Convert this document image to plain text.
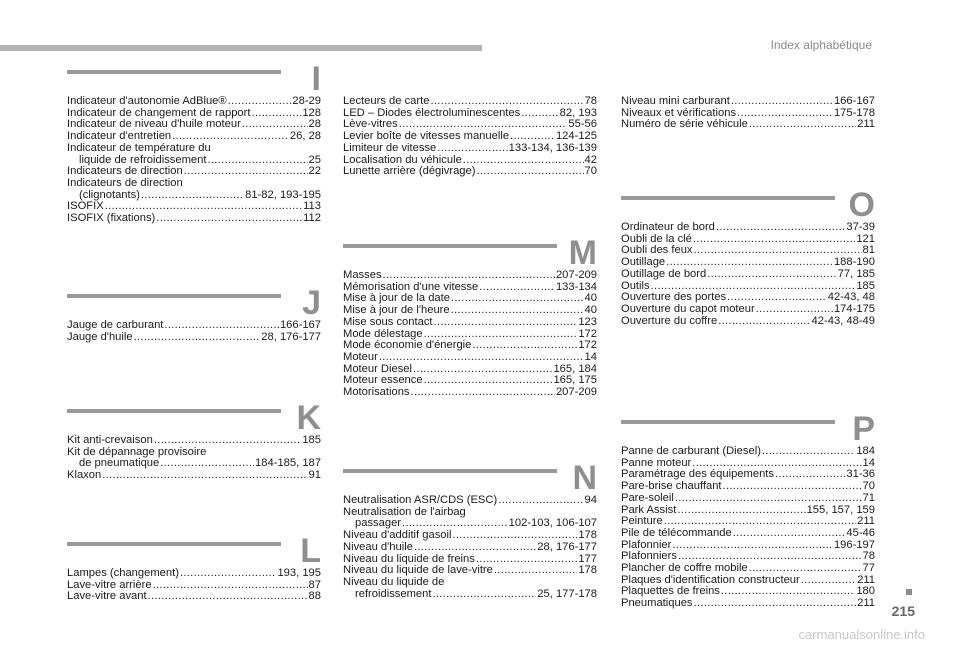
Index alphabétique
I
Indicateur d'autonomie AdBlue® .....	28-29
Indicateur de changement de rapport .....	128
Indicateur de niveau d'huile moteur .....	28
Indicateur d'entretien .....	26, 28
Indicateur de température du
liquide de refroidissement .....	25
Indicateurs de direction .....	22
Indicateurs de direction
(clignotants) .....	81-82, 193-195
ISOFIX .....	113
ISOFIX (fixations) .....	112
J
Jauge de carburant .....	166-167
Jauge d'huile .....	28, 176-177
K
Kit anti-crevaison .....	185
Kit de dépannage provisoire
de pneumatique .....	184-185, 187
Klaxon .....	91
L
Lampes (changement) .....	193, 195
Lave-vitre arrière .....	87
Lave-vitre avant .....	88
Lecteurs de carte .....	78
LED – Diodes électroluminescentes .....	82, 193
Lève-vitres .....	55-56
Levier boîte de vitesses manuelle .....	124-125
Limiteur de vitesse .....	133-134, 136-139
Localisation du véhicule .....	42
Lunette arrière (dégivrage) .....	70
M
Masses .....	207-209
Mémorisation d'une vitesse .....	133-134
Mise à jour de la date .....	40
Mise à jour de l'heure .....	40
Mise sous contact .....	123
Mode délestage .....	172
Mode économie d'énergie .....	172
Moteur .....	14
Moteur Diesel .....	165, 184
Moteur essence .....	165, 175
Motorisations .....	207-209
N
Neutralisation ASR/CDS (ESC) .....	94
Neutralisation de l'airbag
passager .....	102-103, 106-107
Niveau d'additif gasoil .....	178
Niveau d'huile .....	28, 176-177
Niveau du liquide de freins .....	177
Niveau du liquide de lave-vitre .....	178
Niveau du liquide de
refroidissement .....	25, 177-178
Niveau mini carburant .....	166-167
Niveaux et vérifications .....	175-178
Numéro de série véhicule .....	211
O
Ordinateur de bord .....	37-39
Oubli de la clé .....	121
Oubli des feux .....	81
Outillage .....	188-190
Outillage de bord .....	77, 185
Outils .....	185
Ouverture des portes .....	42-43, 48
Ouverture du capot moteur .....	174-175
Ouverture du coffre .....	42-43, 48-49
P
Panne de carburant (Diesel) .....	184
Panne moteur .....	14
Paramétrage des équipements .....	31-36
Pare-brise chauffant .....	70
Pare-soleil .....	71
Park Assist .....	155, 157, 159
Peinture .....	211
Pile de télécommande .....	45-46
Plafonnier .....	196-197
Plafonniers .....	78
Plancher de coffre mobile .....	77
Plaques d'identification constructeur .....	211
Plaquettes de freins .....	180
Pneumatiques .....	211 215
carmanualsonline.info
